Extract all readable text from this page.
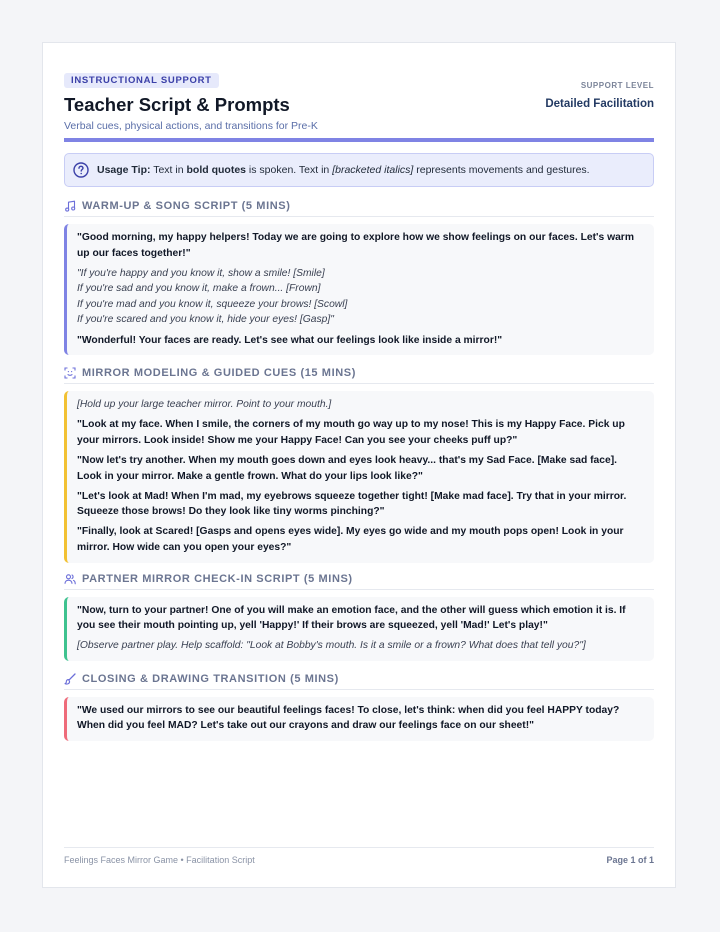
INSTRUCTIONAL SUPPORT
Teacher Script & Prompts
Verbal cues, physical actions, and transitions for Pre-K
SUPPORT LEVEL
Detailed Facilitation
Usage Tip: Text in bold quotes is spoken. Text in [bracketed italics] represents movements and gestures.
WARM-UP & SONG SCRIPT (5 MINS)

"Good morning, my happy helpers! Today we are going to explore how we show feelings on our faces. Let's warm up our faces together!"

"If you're happy and you know it, show a smile! [Smile]

If you're sad and you know it, make a frown... [Frown]

If you're mad and you know it, squeeze your brows! [Scowl]

If you're scared and you know it, hide your eyes! [Gasp]"

"Wonderful! Your faces are ready. Let's see what our feelings look like inside a mirror!"

MIRROR MODELING & GUIDED CUES (15 MINS)

[Hold up your large teacher mirror. Point to your mouth.]

"Look at my face. When I smile, the corners of my mouth go way up to my nose! This is my Happy Face. Pick up your mirrors. Look inside! Show me your Happy Face! Can you see your cheeks puff up?"

"Now let's try another. When my mouth goes down and eyes look heavy... that's my Sad Face. [Make sad face]. Look in your mirror. Make a gentle frown. What do your lips look like?"

"Let's look at Mad! When I'm mad, my eyebrows squeeze together tight! [Make mad face]. Try that in your mirror. Squeeze those brows! Do they look like tiny worms pinching?"

"Finally, look at Scared! [Gasps and opens eyes wide]. My eyes go wide and my mouth pops open! Look in your mirror. How wide can you open your eyes?"

PARTNER MIRROR CHECK-IN SCRIPT (5 MINS)

"Now, turn to your partner! One of you will make an emotion face, and the other will guess which emotion it is. If you see their mouth pointing up, yell 'Happy!' If their brows are squeezed, yell 'Mad!' Let's play!"

[Observe partner play. Help scaffold: "Look at Bobby's mouth. Is it a smile or a frown? What does that tell you?"]

CLOSING & DRAWING TRANSITION (5 MINS)

"We used our mirrors to see our beautiful feelings faces! To close, let's think: when did you feel HAPPY today? When did you feel MAD? Let's take out our crayons and draw our feelings face on our sheet!"

Feelings Faces Mirror Game • Facilitation Script	Page 1 of 1
